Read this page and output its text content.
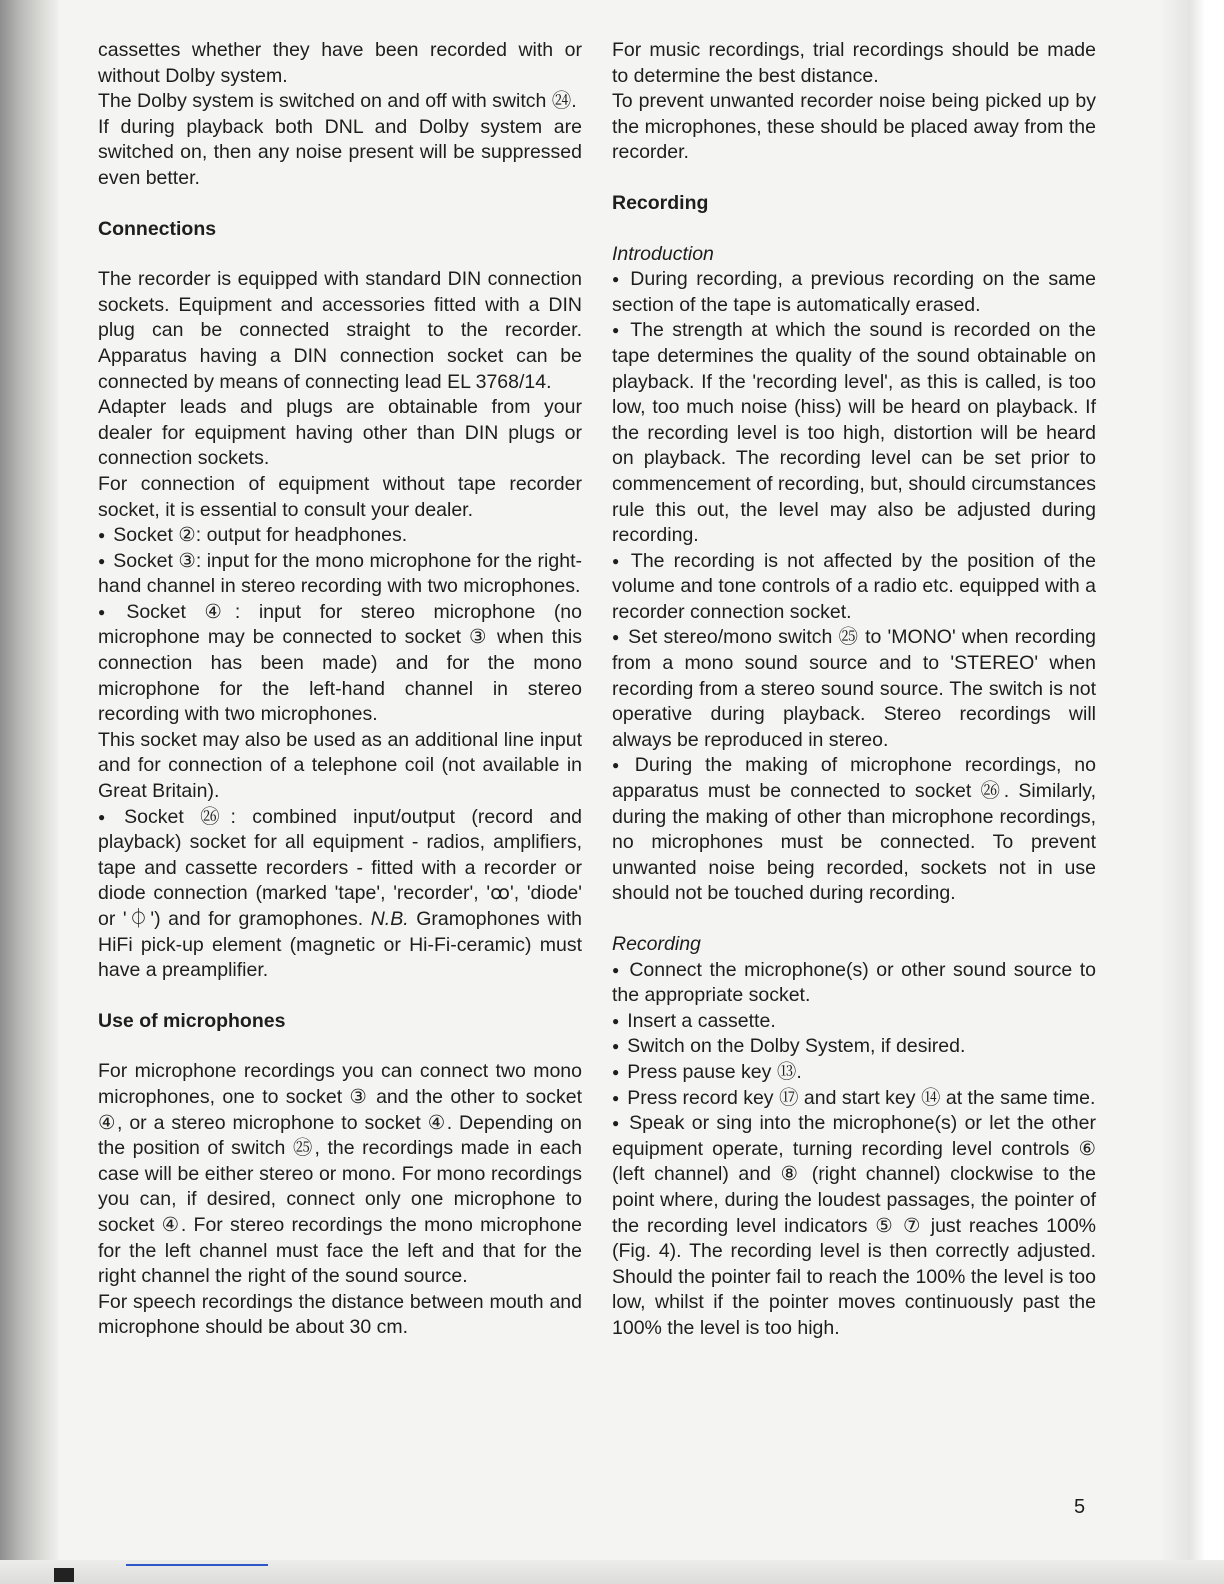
cassettes whether they have been recorded with or without Dolby system.

The Dolby system is switched on and off with switch ㉔.

If during playback both DNL and Dolby system are switched on, then any noise present will be suppressed even better.

Connections

The recorder is equipped with standard DIN connection sockets. Equipment and accessories fitted with a DIN plug can be connected straight to the recorder. Apparatus having a DIN connection socket can be connected by means of connecting lead EL 3768/14.

Adapter leads and plugs are obtainable from your dealer for equipment having other than DIN plugs or connection sockets.

For connection of equipment without tape recorder socket, it is essential to consult your dealer.

● Socket ②: output for headphones.

● Socket ③: input for the mono microphone for the right-hand channel in stereo recording with two microphones.

● Socket ④: input for stereo microphone (no microphone may be connected to socket ③ when this connection has been made) and for the mono microphone for the left-hand channel in stereo recording with two microphones.

This socket may also be used as an additional line input and for connection of a telephone coil (not available in Great Britain).

● Socket ㉖: combined input/output (record and playback) socket for all equipment - radios, amplifiers, tape and cassette recorders - fitted with a recorder or diode connection (marked 'tape', 'recorder', 'ꝏ', 'diode' or '⏀') and for gramophones. N.B. Gramophones with HiFi pick-up element (magnetic or Hi-Fi-ceramic) must have a preamplifier.

Use of microphones

For microphone recordings you can connect two mono microphones, one to socket ③ and the other to socket ④, or a stereo microphone to socket ④. Depending on the position of switch ㉕, the recordings made in each case will be either stereo or mono. For mono recordings you can, if desired, connect only one microphone to socket ④. For stereo recordings the mono microphone for the left channel must face the left and that for the right channel the right of the sound source.

For speech recordings the distance between mouth and microphone should be about 30 cm.

For music recordings, trial recordings should be made to determine the best distance.

To prevent unwanted recorder noise being picked up by the microphones, these should be placed away from the recorder.

Recording
Introduction

● During recording, a previous recording on the same section of the tape is automatically erased.

● The strength at which the sound is recorded on the tape determines the quality of the sound obtainable on playback. If the 'recording level', as this is called, is too low, too much noise (hiss) will be heard on playback. If the recording level is too high, distortion will be heard on playback. The recording level can be set prior to commencement of recording, but, should circumstances rule this out, the level may also be adjusted during recording.

● The recording is not affected by the position of the volume and tone controls of a radio etc. equipped with a recorder connection socket.

● Set stereo/mono switch ㉕ to 'MONO' when recording from a mono sound source and to 'STEREO' when recording from a stereo sound source. The switch is not operative during playback. Stereo recordings will always be reproduced in stereo.

● During the making of microphone recordings, no apparatus must be connected to socket ㉖. Similarly, during the making of other than microphone recordings, no microphones must be connected. To prevent unwanted noise being recorded, sockets not in use should not be touched during recording.

Recording

● Connect the microphone(s) or other sound source to the appropriate socket.

● Insert a cassette.

● Switch on the Dolby System, if desired.

● Press pause key ⑬.

● Press record key ⑰ and start key ⑭ at the same time.

● Speak or sing into the microphone(s) or let the other equipment operate, turning recording level controls ⑥ (left channel) and ⑧ (right channel) clockwise to the point where, during the loudest passages, the pointer of the recording level indicators ⑤ ⑦ just reaches 100% (Fig. 4). The recording level is then correctly adjusted. Should the pointer fail to reach the 100% the level is too low, whilst if the pointer moves continuously past the 100% the level is too high.

5
